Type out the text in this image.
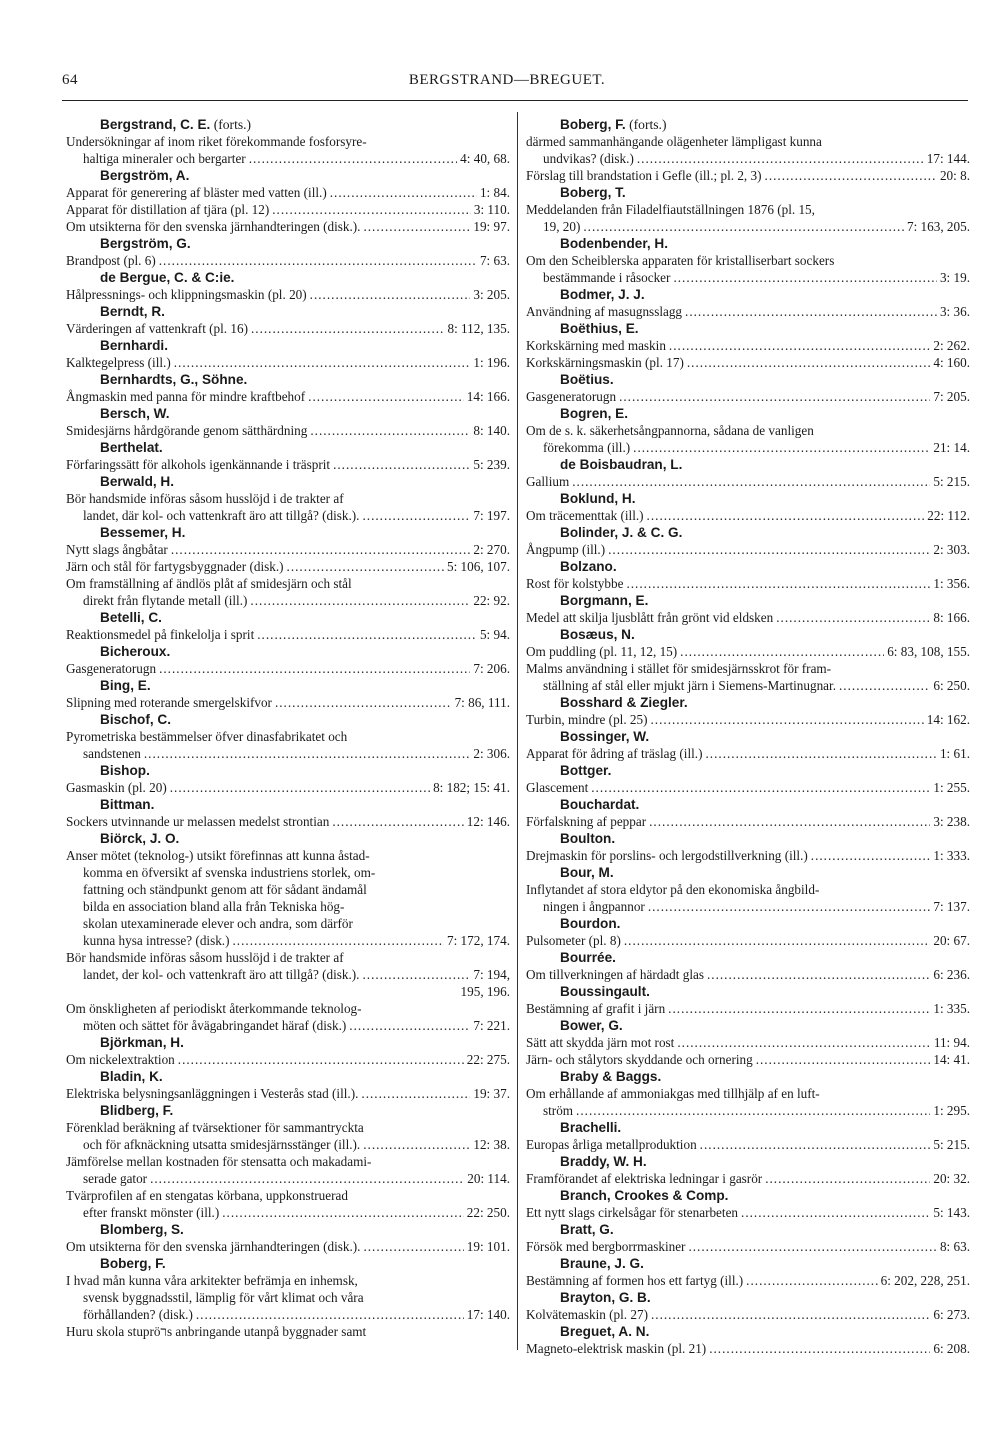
64	BERGSTRAND—BREGUET.
Bergstrand, C. E. (forts.)
Undersökningar af inom riket förekommande fosforsyre-
haltiga mineraler och bergarter .....	4: 40, 68.
Bergström, A.
Apparat för generering af bläster med vatten (ill.) .....	1: 84.
Apparat för distillation af tjära (pl. 12) .....	3: 110.
Om utsikterna för den svenska järnhandteringen (disk.). .....	19: 97.
Bergström, G.
Brandpost (pl. 6) .....	7: 63.
de Bergue, C. & C:ie.
Hålpressnings- och klippningsmaskin (pl. 20) .....	3: 205.
Berndt, R.
Värderingen af vattenkraft (pl. 16) .....	8: 112, 135.
Bernhardi.
Kalktegelpress (ill.) .....	1: 196.
Bernhardts, G., Söhne.
Ångmaskin med panna för mindre kraftbehof .....	14: 166.
Bersch, W.
Smidesjärns hårdgörande genom sätthärdning .....	8: 140.
Berthelat.
Förfaringssätt för alkohols igenkännande i träsprit .....	5: 239.
Berwald, H.
Bör handsmide införas såsom husslöjd i de trakter af
landet, där kol- och vattenkraft äro att tillgå? (disk.). .....	7: 197.
Bessemer, H.
Nytt slags ångbåtar .....	2: 270.
Järn och stål för fartygsbyggnader (disk.) .....	5: 106, 107.
Om framställning af ändlös plåt af smidesjärn och stål
direkt från flytande metall (ill.) .....	22: 92.
Betelli, C.
Reaktionsmedel på finkelolja i sprit .....	5: 94.
Bicheroux.
Gasgeneratorugn .....	7: 206.
Bing, E.
Slipning med roterande smergelskifvor .....	7: 86, 111.
Bischof, C.
Pyrometriska bestämmelser öfver dinasfabrikatet och
sandstenen .....	2: 306.
Bishop.
Gasmaskin (pl. 20) .....	8: 182; 15: 41.
Bittman.
Sockers utvinnande ur melassen medelst strontian .....	12: 146.
Biörck, J. O.
Anser mötet (teknolog-) utsikt förefinnas att kunna åstad-
komma en öfversikt af svenska industriens storlek, om-
fattning och ständpunkt genom att för sådant ändamål
bilda en association bland alla från Tekniska hög-
skolan utexaminerade elever och andra, som därför
kunna hysa intresse? (disk.) .....	7: 172, 174.
Bör handsmide införas såsom husslöjd i de trakter af
landet, der kol- och vattenkraft äro att tillgå? (disk.). .....	7: 194,
195, 196.
Om önskligheten af periodiskt återkommande teknolog-
möten och sättet för åvägabringandet häraf (disk.) .....	7: 221.
Björkman, H.
Om nickelextraktion .....	22: 275.
Bladin, K.
Elektriska belysningsanläggningen i Vesterås stad (ill.). .....	19: 37.
Blidberg, F.
Förenklad beräkning af tvärsektioner för sammantryckta
och för afknäckning utsatta smidesjärnsstänger (ill.). .....	12: 38.
Jämförelse mellan kostnaden för stensatta och makadami-
serade gator .....	20: 114.
Tvärprofilen af en stengatas körbana, uppkonstruerad
efter franskt mönster (ill.) .....	22: 250.
Blomberg, S.
Om utsikterna för den svenska järnhandteringen (disk.). .....	19: 101.
Boberg, F.
I hvad mån kunna våra arkitekter befrämja en inhemsk,
svensk byggnadsstil, lämplig för vårt klimat och våra
förhållanden? (disk.) .....	17: 140.
Huru skola stupröרs anbringande utanpå byggnader samt
Boberg, F. (forts.)
därmed sammanhängande olägenheter lämpligast kunna
undvikas? (disk.) .....	17: 144.
Förslag till brandstation i Gefle (ill.; pl. 2, 3) .....	20: 8.
Boberg, T.
Meddelanden från Filadelfiautställningen 1876 (pl. 15,
19, 20) .....	7: 163, 205.
Bodenbender, H.
Om den Scheiblerska apparaten för kristalliserbart sockers
bestämmande i råsocker .....	3: 19.
Bodmer, J. J.
Användning af masugnsslagg .....	3: 36.
Boëthius, E.
Korkskärning med maskin .....	2: 262.
Korkskärningsmaskin (pl. 17) .....	4: 160.
Boëtius.
Gasgeneratorugn .....	7: 205.
Bogren, E.
Om de s. k. säkerhetsångpannorna, sådana de vanligen
förekomma (ill.) .....	21: 14.
de Boisbaudran, L.
Gallium .....	5: 215.
Boklund, H.
Om träcementtak (ill.) .....	22: 112.
Bolinder, J. & C. G.
Ångpump (ill.) .....	2: 303.
Bolzano.
Rost för kolstybbe .....	1: 356.
Borgmann, E.
Medel att skilja ljusblått från grönt vid eldsken .....	8: 166.
Bosæus, N.
Om puddling (pl. 11, 12, 15) .....	6: 83, 108, 155.
Malms användning i stället för smidesjärnsskrot för fram-
ställning af stål eller mjukt järn i Siemens-Martinugnar. .....	6: 250.
Bosshard & Ziegler.
Turbin, mindre (pl. 25) .....	14: 162.
Bossinger, W.
Apparat för ådring af träslag (ill.) .....	1: 61.
Bottger.
Glascement .....	1: 255.
Bouchardat.
Förfalskning af peppar .....	3: 238.
Boulton.
Drejmaskin för porslins- och lergodstillverkning (ill.) .....	1: 333.
Bour, M.
Inflytandet af stora eldytor på den ekonomiska ångbild-
ningen i ångpannor .....	7: 137.
Bourdon.
Pulsometer (pl. 8) .....	20: 67.
Bourrée.
Om tillverkningen af härdadt glas .....	6: 236.
Boussingault.
Bestämning af grafit i järn .....	1: 335.
Bower, G.
Sätt att skydda järn mot rost .....	11: 94.
Järn- och stålytors skyddande och ornering .....	14: 41.
Braby & Baggs.
Om erhållande af ammoniakgas med tillhjälp af en luft-
ström .....	1: 295.
Brachelli.
Europas årliga metallproduktion .....	5: 215.
Braddy, W. H.
Framförandet af elektriska ledningar i gasrör .....	20: 32.
Branch, Crookes & Comp.
Ett nytt slags cirkelsågar för stenarbeten .....	5: 143.
Bratt, G.
Försök med bergborrmaskiner .....	8: 63.
Braune, J. G.
Bestämning af formen hos ett fartyg (ill.) .....	6: 202, 228, 251.
Brayton, G. B.
Kolvätemaskin (pl. 27) .....	6: 273.
Breguet, A. N.
Magneto-elektrisk maskin (pl. 21) .....	6: 208.
